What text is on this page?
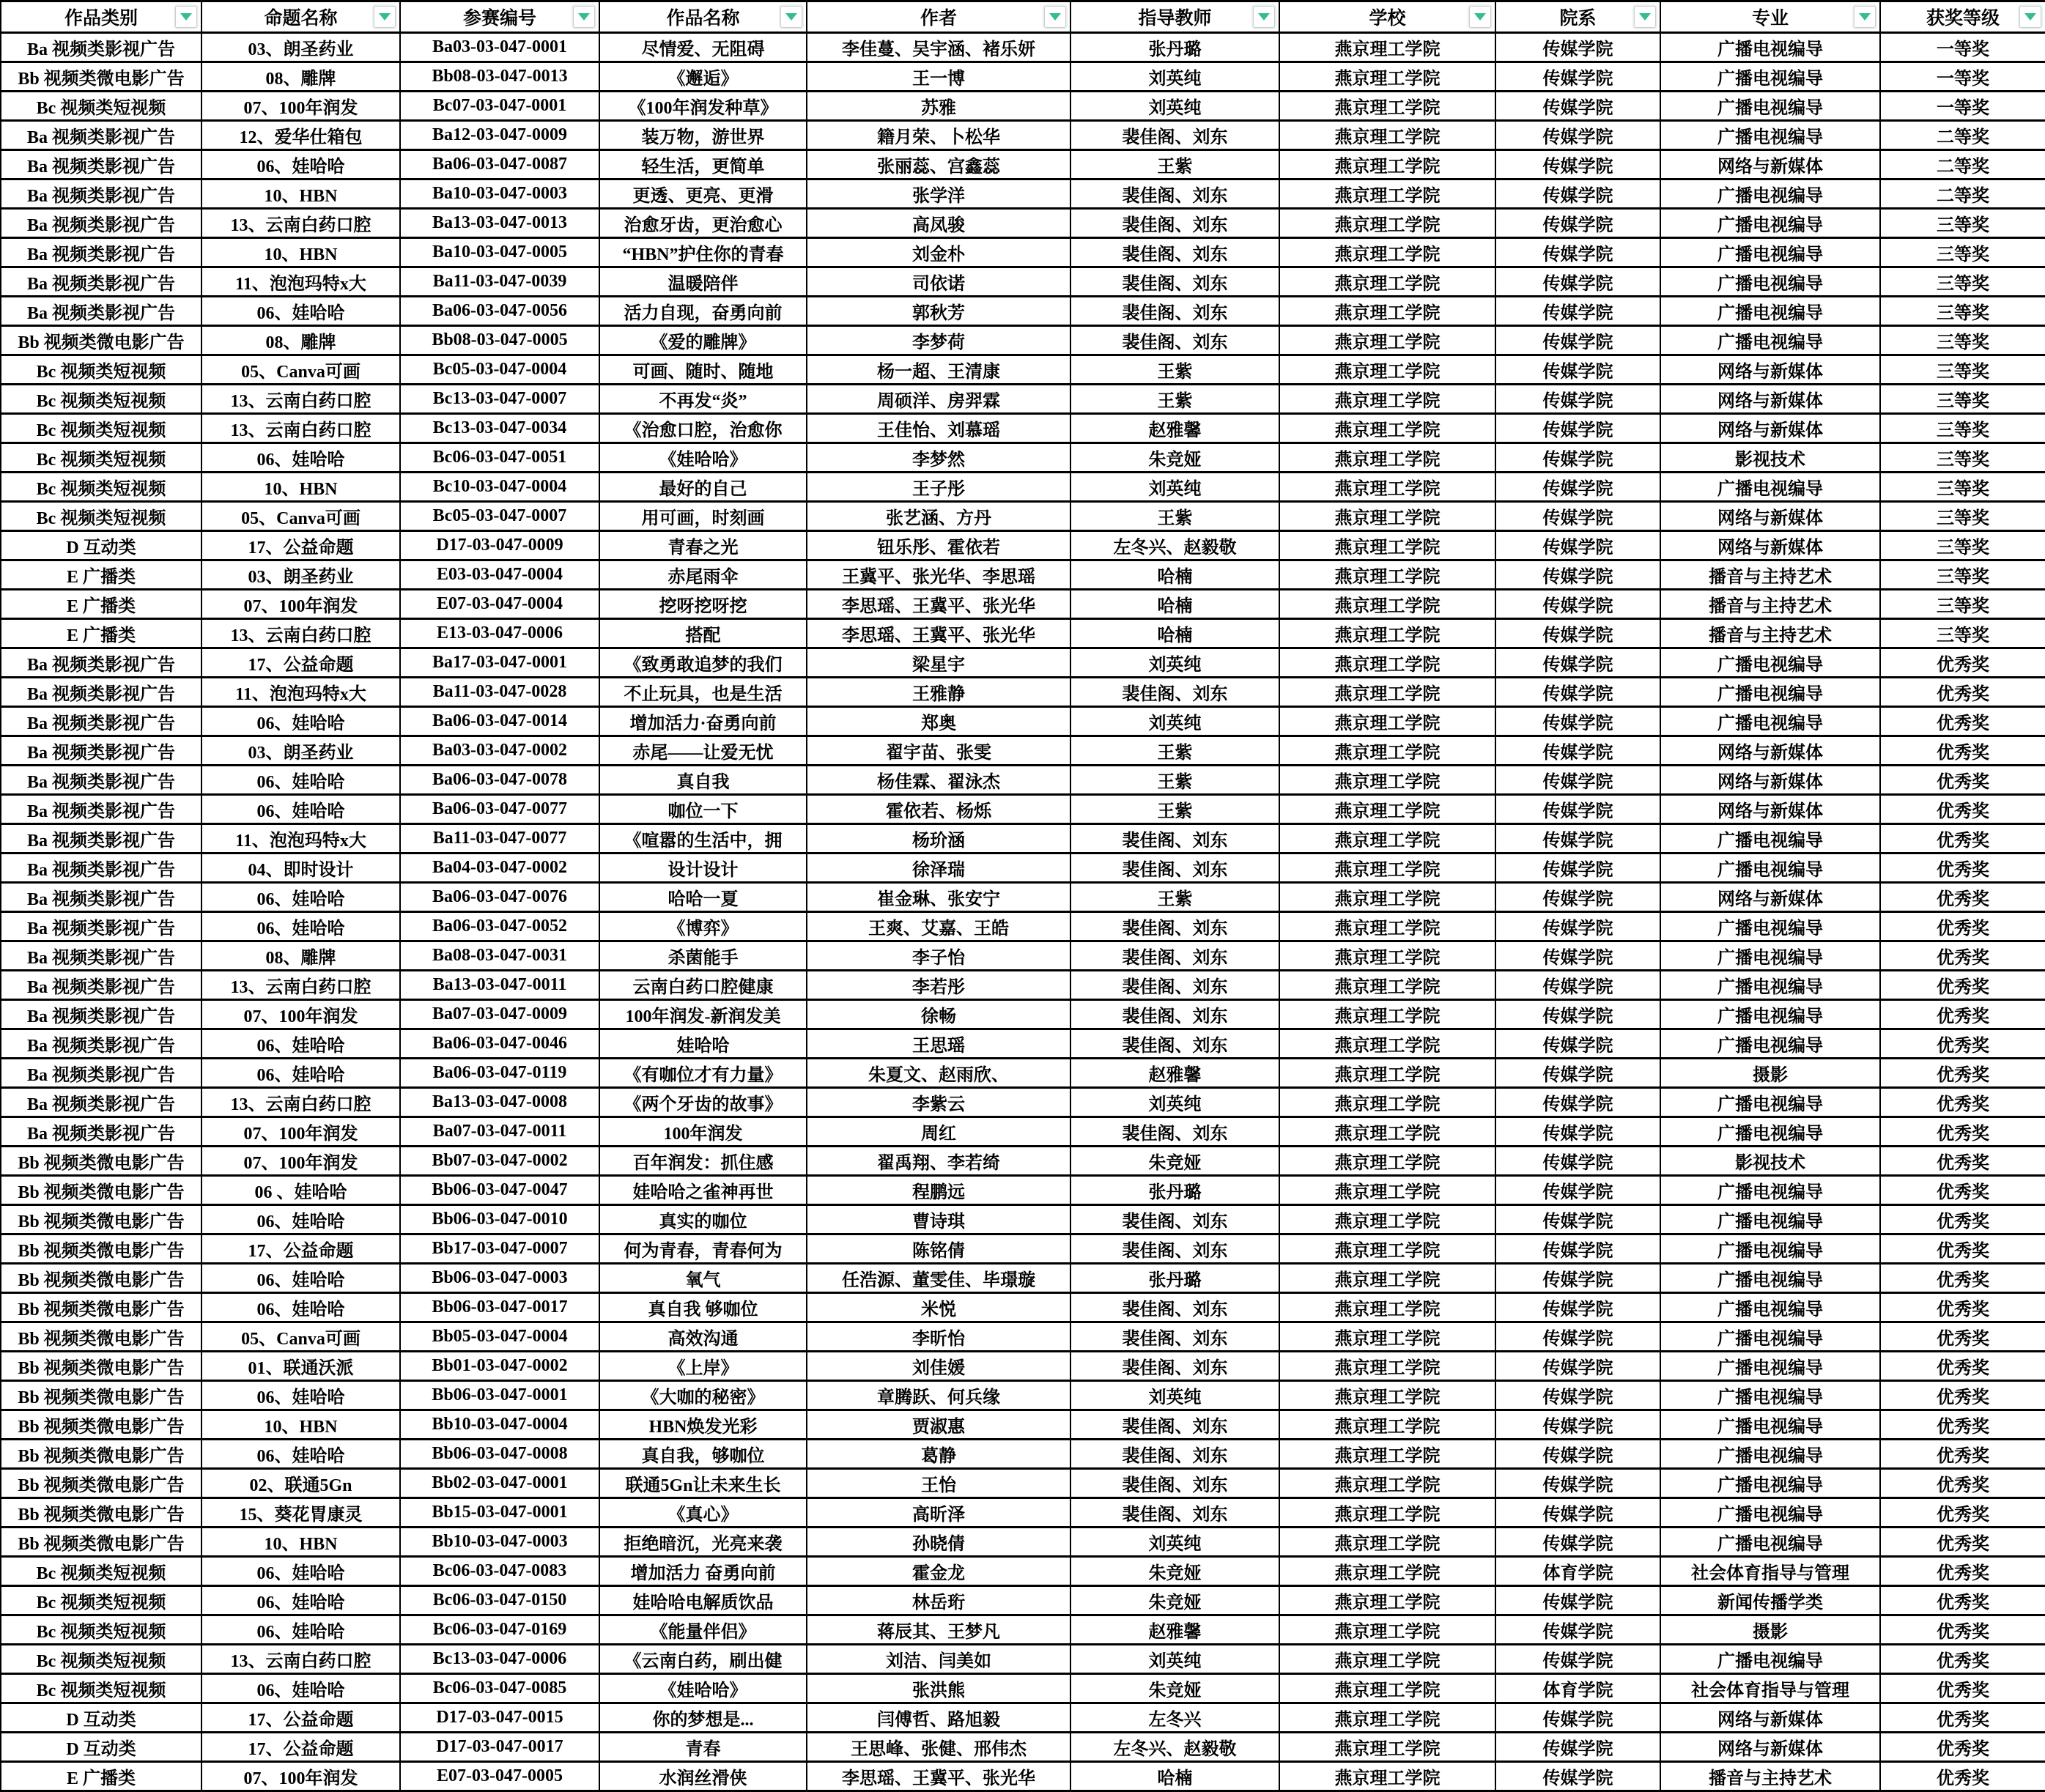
作品类别	命题名称	参赛编号	作品名称	作者	指导教师	学校	院系	专业	获奖等级

Ba 视频类影视广告	03、朗圣药业	Ba03-03-047-0001	尽情爱、无阻碍	李佳蔓、吴宇涵、褚乐妍	张丹璐	燕京理工学院	传媒学院	广播电视编导	一等奖
Bb 视频类微电影广告	08、雕牌	Bb08-03-047-0013	《邂逅》	王一博	刘英纯	燕京理工学院	传媒学院	广播电视编导	一等奖
Bc 视频类短视频	07、100年润发	Bc07-03-047-0001	《100年润发种草》	苏雅	刘英纯	燕京理工学院	传媒学院	广播电视编导	一等奖
Ba 视频类影视广告	12、爱华仕箱包	Ba12-03-047-0009	装万物，游世界	籍月荣、卜松华	裴佳阁、刘东	燕京理工学院	传媒学院	广播电视编导	二等奖
Ba 视频类影视广告	06、娃哈哈	Ba06-03-047-0087	轻生活，更简单	张丽蕊、宫鑫蕊	王紫	燕京理工学院	传媒学院	网络与新媒体	二等奖
Ba 视频类影视广告	10、HBN	Ba10-03-047-0003	更透、更亮、更滑	张学洋	裴佳阁、刘东	燕京理工学院	传媒学院	广播电视编导	二等奖
Ba 视频类影视广告	13、云南白药口腔	Ba13-03-047-0013	治愈牙齿，更治愈心	高凤骏	裴佳阁、刘东	燕京理工学院	传媒学院	广播电视编导	三等奖
Ba 视频类影视广告	10、HBN	Ba10-03-047-0005	“HBN”护住你的青春	刘金朴	裴佳阁、刘东	燕京理工学院	传媒学院	广播电视编导	三等奖
Ba 视频类影视广告	11、泡泡玛特x大	Ba11-03-047-0039	温暖陪伴	司依诺	裴佳阁、刘东	燕京理工学院	传媒学院	广播电视编导	三等奖
Ba 视频类影视广告	06、娃哈哈	Ba06-03-047-0056	活力自现，奋勇向前	郭秋芳	裴佳阁、刘东	燕京理工学院	传媒学院	广播电视编导	三等奖
Bb 视频类微电影广告	08、雕牌	Bb08-03-047-0005	《爱的雕牌》	李梦荷	裴佳阁、刘东	燕京理工学院	传媒学院	广播电视编导	三等奖
Bc 视频类短视频	05、Canva可画	Bc05-03-047-0004	可画、随时、随地	杨一超、王清康	王紫	燕京理工学院	传媒学院	网络与新媒体	三等奖
Bc 视频类短视频	13、云南白药口腔	Bc13-03-047-0007	不再发“炎”	周硕洋、房羿霖	王紫	燕京理工学院	传媒学院	网络与新媒体	三等奖
Bc 视频类短视频	13、云南白药口腔	Bc13-03-047-0034	《治愈口腔，治愈你	王佳怡、刘慕瑶	赵雅馨	燕京理工学院	传媒学院	网络与新媒体	三等奖
Bc 视频类短视频	06、娃哈哈	Bc06-03-047-0051	《娃哈哈》	李梦然	朱竞娅	燕京理工学院	传媒学院	影视技术	三等奖
Bc 视频类短视频	10、HBN	Bc10-03-047-0004	最好的自己	王子彤	刘英纯	燕京理工学院	传媒学院	广播电视编导	三等奖
Bc 视频类短视频	05、Canva可画	Bc05-03-047-0007	用可画，时刻画	张艺涵、方丹	王紫	燕京理工学院	传媒学院	网络与新媒体	三等奖
D 互动类	17、公益命题	D17-03-047-0009	青春之光	钮乐彤、霍依若	左冬兴、赵毅敬	燕京理工学院	传媒学院	网络与新媒体	三等奖
E 广播类	03、朗圣药业	E03-03-047-0004	赤尾雨伞	王冀平、张光华、李思瑶	哈楠	燕京理工学院	传媒学院	播音与主持艺术	三等奖
E 广播类	07、100年润发	E07-03-047-0004	挖呀挖呀挖	李思瑶、王冀平、张光华	哈楠	燕京理工学院	传媒学院	播音与主持艺术	三等奖
E 广播类	13、云南白药口腔	E13-03-047-0006	搭配	李思瑶、王冀平、张光华	哈楠	燕京理工学院	传媒学院	播音与主持艺术	三等奖
Ba 视频类影视广告	17、公益命题	Ba17-03-047-0001	《致勇敢追梦的我们	梁星宇	刘英纯	燕京理工学院	传媒学院	广播电视编导	优秀奖
Ba 视频类影视广告	11、泡泡玛特x大	Ba11-03-047-0028	不止玩具，也是生活	王雅静	裴佳阁、刘东	燕京理工学院	传媒学院	广播电视编导	优秀奖
Ba 视频类影视广告	06、娃哈哈	Ba06-03-047-0014	增加活力·奋勇向前	郑奥	刘英纯	燕京理工学院	传媒学院	广播电视编导	优秀奖
Ba 视频类影视广告	03、朗圣药业	Ba03-03-047-0002	赤尾——让爱无忧	翟宇苗、张雯	王紫	燕京理工学院	传媒学院	网络与新媒体	优秀奖
Ba 视频类影视广告	06、娃哈哈	Ba06-03-047-0078	真自我	杨佳霖、翟泳杰	王紫	燕京理工学院	传媒学院	网络与新媒体	优秀奖
Ba 视频类影视广告	06、娃哈哈	Ba06-03-047-0077	咖位一下	霍依若、杨烁	王紫	燕京理工学院	传媒学院	网络与新媒体	优秀奖
Ba 视频类影视广告	11、泡泡玛特x大	Ba11-03-047-0077	《喧嚣的生活中，拥	杨玠涵	裴佳阁、刘东	燕京理工学院	传媒学院	广播电视编导	优秀奖
Ba 视频类影视广告	04、即时设计	Ba04-03-047-0002	设计设计	徐泽瑞	裴佳阁、刘东	燕京理工学院	传媒学院	广播电视编导	优秀奖
Ba 视频类影视广告	06、娃哈哈	Ba06-03-047-0076	哈哈一夏	崔金琳、张安宁	王紫	燕京理工学院	传媒学院	网络与新媒体	优秀奖
Ba 视频类影视广告	06、娃哈哈	Ba06-03-047-0052	《博弈》	王爽、艾嘉、王皓	裴佳阁、刘东	燕京理工学院	传媒学院	广播电视编导	优秀奖
Ba 视频类影视广告	08、雕牌	Ba08-03-047-0031	杀菌能手	李子怡	裴佳阁、刘东	燕京理工学院	传媒学院	广播电视编导	优秀奖
Ba 视频类影视广告	13、云南白药口腔	Ba13-03-047-0011	云南白药口腔健康	李若彤	裴佳阁、刘东	燕京理工学院	传媒学院	广播电视编导	优秀奖
Ba 视频类影视广告	07、100年润发	Ba07-03-047-0009	100年润发-新润发美	徐畅	裴佳阁、刘东	燕京理工学院	传媒学院	广播电视编导	优秀奖
Ba 视频类影视广告	06、娃哈哈	Ba06-03-047-0046	娃哈哈	王思瑶	裴佳阁、刘东	燕京理工学院	传媒学院	广播电视编导	优秀奖
Ba 视频类影视广告	06、娃哈哈	Ba06-03-047-0119	《有咖位才有力量》	朱夏文、赵雨欣、	赵雅馨	燕京理工学院	传媒学院	摄影	优秀奖
Ba 视频类影视广告	13、云南白药口腔	Ba13-03-047-0008	《两个牙齿的故事》	李紫云	刘英纯	燕京理工学院	传媒学院	广播电视编导	优秀奖
Ba 视频类影视广告	07、100年润发	Ba07-03-047-0011	100年润发	周红	裴佳阁、刘东	燕京理工学院	传媒学院	广播电视编导	优秀奖
Bb 视频类微电影广告	07、100年润发	Bb07-03-047-0002	百年润发：抓住感	翟禹翔、李若绮	朱竞娅	燕京理工学院	传媒学院	影视技术	优秀奖
Bb 视频类微电影广告	06 、娃哈哈	Bb06-03-047-0047	娃哈哈之雀神再世	程鹏远	张丹璐	燕京理工学院	传媒学院	广播电视编导	优秀奖
Bb 视频类微电影广告	06、娃哈哈	Bb06-03-047-0010	真实的咖位	曹诗琪	裴佳阁、刘东	燕京理工学院	传媒学院	广播电视编导	优秀奖
Bb 视频类微电影广告	17、公益命题	Bb17-03-047-0007	何为青春，青春何为	陈铭倩	裴佳阁、刘东	燕京理工学院	传媒学院	广播电视编导	优秀奖
Bb 视频类微电影广告	06、娃哈哈	Bb06-03-047-0003	氧气	任浩源、董雯佳、毕璟璇	张丹璐	燕京理工学院	传媒学院	广播电视编导	优秀奖
Bb 视频类微电影广告	06、娃哈哈	Bb06-03-047-0017	真自我 够咖位	米悦	裴佳阁、刘东	燕京理工学院	传媒学院	广播电视编导	优秀奖
Bb 视频类微电影广告	05、Canva可画	Bb05-03-047-0004	高效沟通	李昕怡	裴佳阁、刘东	燕京理工学院	传媒学院	广播电视编导	优秀奖
Bb 视频类微电影广告	01、联通沃派	Bb01-03-047-0002	《上岸》	刘佳媛	裴佳阁、刘东	燕京理工学院	传媒学院	广播电视编导	优秀奖
Bb 视频类微电影广告	06、娃哈哈	Bb06-03-047-0001	《大咖的秘密》	章腾跃、何兵缘	刘英纯	燕京理工学院	传媒学院	广播电视编导	优秀奖
Bb 视频类微电影广告	10、HBN	Bb10-03-047-0004	HBN焕发光彩	贾淑惠	裴佳阁、刘东	燕京理工学院	传媒学院	广播电视编导	优秀奖
Bb 视频类微电影广告	06、娃哈哈	Bb06-03-047-0008	真自我，够咖位	葛静	裴佳阁、刘东	燕京理工学院	传媒学院	广播电视编导	优秀奖
Bb 视频类微电影广告	02、联通5Gn	Bb02-03-047-0001	联通5Gn让未来生长	王怡	裴佳阁、刘东	燕京理工学院	传媒学院	广播电视编导	优秀奖
Bb 视频类微电影广告	15、葵花胃康灵	Bb15-03-047-0001	《真心》	高昕泽	裴佳阁、刘东	燕京理工学院	传媒学院	广播电视编导	优秀奖
Bb 视频类微电影广告	10、HBN	Bb10-03-047-0003	拒绝暗沉，光亮来袭	孙晓倩	刘英纯	燕京理工学院	传媒学院	广播电视编导	优秀奖
Bc 视频类短视频	06、娃哈哈	Bc06-03-047-0083	增加活力 奋勇向前	霍金龙	朱竞娅	燕京理工学院	体育学院	社会体育指导与管理	优秀奖
Bc 视频类短视频	06、娃哈哈	Bc06-03-047-0150	娃哈哈电解质饮品	林岳珩	朱竞娅	燕京理工学院	传媒学院	新闻传播学类	优秀奖
Bc 视频类短视频	06、娃哈哈	Bc06-03-047-0169	《能量伴侣》	蒋辰其、王梦凡	赵雅馨	燕京理工学院	传媒学院	摄影	优秀奖
Bc 视频类短视频	13、云南白药口腔	Bc13-03-047-0006	《云南白药，刷出健	刘洁、闫美如	刘英纯	燕京理工学院	传媒学院	广播电视编导	优秀奖
Bc 视频类短视频	06、娃哈哈	Bc06-03-047-0085	《娃哈哈》	张洪熊	朱竞娅	燕京理工学院	体育学院	社会体育指导与管理	优秀奖
D 互动类	17、公益命题	D17-03-047-0015	你的梦想是...	闫傅哲、路旭毅	左冬兴	燕京理工学院	传媒学院	网络与新媒体	优秀奖
D 互动类	17、公益命题	D17-03-047-0017	青春	王思峰、张健、邢伟杰	左冬兴、赵毅敬	燕京理工学院	传媒学院	网络与新媒体	优秀奖
E 广播类	07、100年润发	E07-03-047-0005	水润丝滑侠	李思瑶、王冀平、张光华	哈楠	燕京理工学院	传媒学院	播音与主持艺术	优秀奖
